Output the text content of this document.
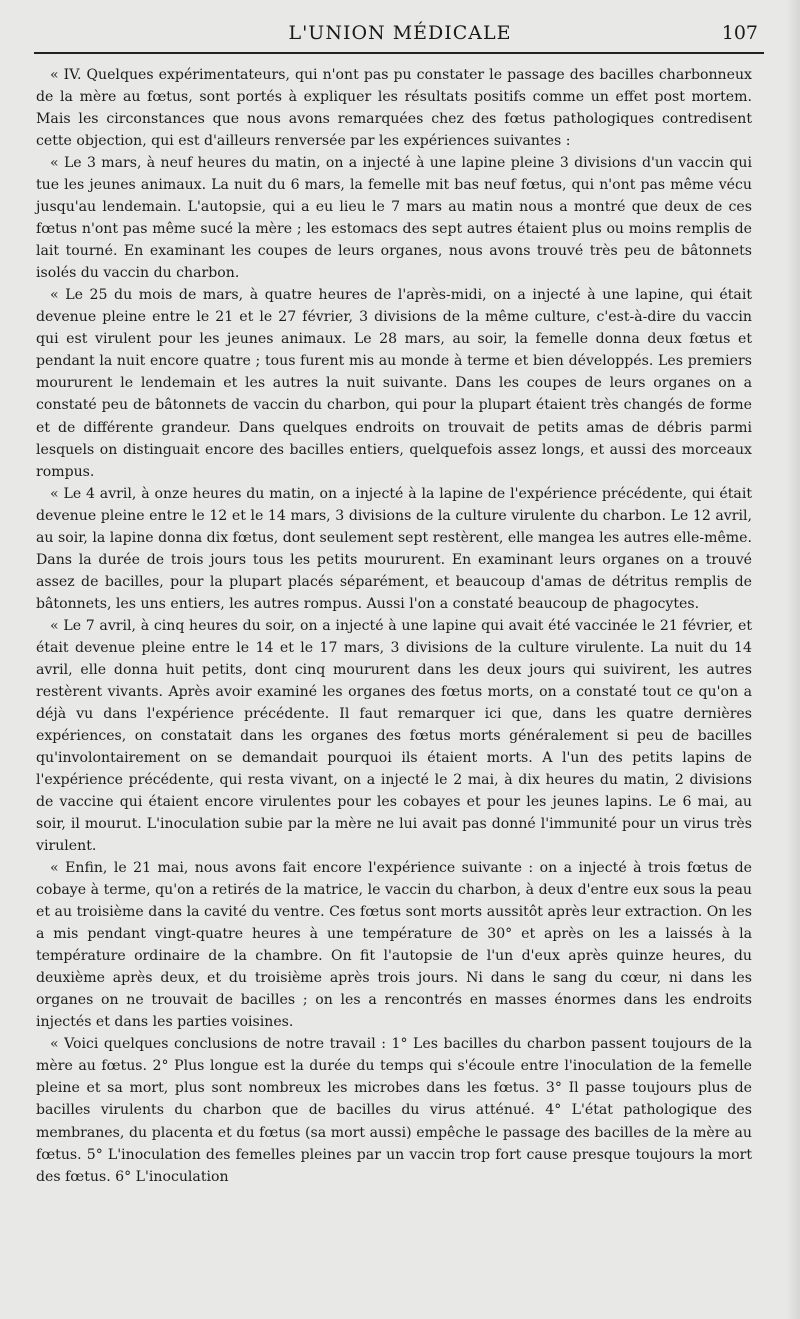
L'UNION MÉDICALE	107

« IV. Quelques expérimentateurs, qui n'ont pas pu constater le passage des bacilles charbonneux de la mère au fœtus, sont portés à expliquer les résultats positifs comme un effet post mortem. Mais les circonstances que nous avons remarquées chez des fœtus pathologiques contredisent cette objection, qui est d'ailleurs renversée par les expériences suivantes :

« Le 3 mars, à neuf heures du matin, on a injecté à une lapine pleine 3 divisions d'un vaccin qui tue les jeunes animaux. La nuit du 6 mars, la femelle mit bas neuf fœtus, qui n'ont pas même vécu jusqu'au lendemain. L'autopsie, qui a eu lieu le 7 mars au matin nous a montré que deux de ces fœtus n'ont pas même sucé la mère ; les estomacs des sept autres étaient plus ou moins remplis de lait tourné. En examinant les coupes de leurs organes, nous avons trouvé très peu de bâtonnets isolés du vaccin du charbon.

« Le 25 du mois de mars, à quatre heures de l'après-midi, on a injecté à une lapine, qui était devenue pleine entre le 21 et le 27 février, 3 divisions de la même culture, c'est-à-dire du vaccin qui est virulent pour les jeunes animaux. Le 28 mars, au soir, la femelle donna deux fœtus et pendant la nuit encore quatre ; tous furent mis au monde à terme et bien développés. Les premiers moururent le lendemain et les autres la nuit suivante. Dans les coupes de leurs organes on a constaté peu de bâtonnets de vaccin du charbon, qui pour la plupart étaient très changés de forme et de différente grandeur. Dans quelques endroits on trouvait de petits amas de débris parmi lesquels on distinguait encore des bacilles entiers, quelquefois assez longs, et aussi des morceaux rompus.

« Le 4 avril, à onze heures du matin, on a injecté à la lapine de l'expérience précédente, qui était devenue pleine entre le 12 et le 14 mars, 3 divisions de la culture virulente du charbon. Le 12 avril, au soir, la lapine donna dix fœtus, dont seulement sept restèrent, elle mangea les autres elle-même. Dans la durée de trois jours tous les petits moururent. En examinant leurs organes on a trouvé assez de bacilles, pour la plupart placés séparément, et beaucoup d'amas de détritus remplis de bâtonnets, les uns entiers, les autres rompus. Aussi l'on a constaté beaucoup de phagocytes.

« Le 7 avril, à cinq heures du soir, on a injecté à une lapine qui avait été vaccinée le 21 février, et était devenue pleine entre le 14 et le 17 mars, 3 divisions de la culture virulente. La nuit du 14 avril, elle donna huit petits, dont cinq moururent dans les deux jours qui suivirent, les autres restèrent vivants. Après avoir examiné les organes des fœtus morts, on a constaté tout ce qu'on a déjà vu dans l'expérience précédente. Il faut remarquer ici que, dans les quatre dernières expériences, on constatait dans les organes des fœtus morts généralement si peu de bacilles qu'involontairement on se demandait pourquoi ils étaient morts. A l'un des petits lapins de l'expérience précédente, qui resta vivant, on a injecté le 2 mai, à dix heures du matin, 2 divisions de vaccine qui étaient encore virulentes pour les cobayes et pour les jeunes lapins. Le 6 mai, au soir, il mourut. L'inoculation subie par la mère ne lui avait pas donné l'immunité pour un virus très virulent.

« Enfin, le 21 mai, nous avons fait encore l'expérience suivante : on a injecté à trois fœtus de cobaye à terme, qu'on a retirés de la matrice, le vaccin du charbon, à deux d'entre eux sous la peau et au troisième dans la cavité du ventre. Ces fœtus sont morts aussitôt après leur extraction. On les a mis pendant vingt-quatre heures à une température de 30° et après on les a laissés à la température ordinaire de la chambre. On fit l'autopsie de l'un d'eux après quinze heures, du deuxième après deux, et du troisième après trois jours. Ni dans le sang du cœur, ni dans les organes on ne trouvait de bacilles ; on les a rencontrés en masses énormes dans les endroits injectés et dans les parties voisines.

« Voici quelques conclusions de notre travail : 1° Les bacilles du charbon passent toujours de la mère au fœtus. 2° Plus longue est la durée du temps qui s'écoule entre l'inoculation de la femelle pleine et sa mort, plus sont nombreux les microbes dans les fœtus. 3° Il passe toujours plus de bacilles virulents du charbon que de bacilles du virus atténué. 4° L'état pathologique des membranes, du placenta et du fœtus (sa mort aussi) empêche le passage des bacilles de la mère au fœtus. 5° L'inoculation des femelles pleines par un vaccin trop fort cause presque toujours la mort des fœtus. 6° L'inoculation
